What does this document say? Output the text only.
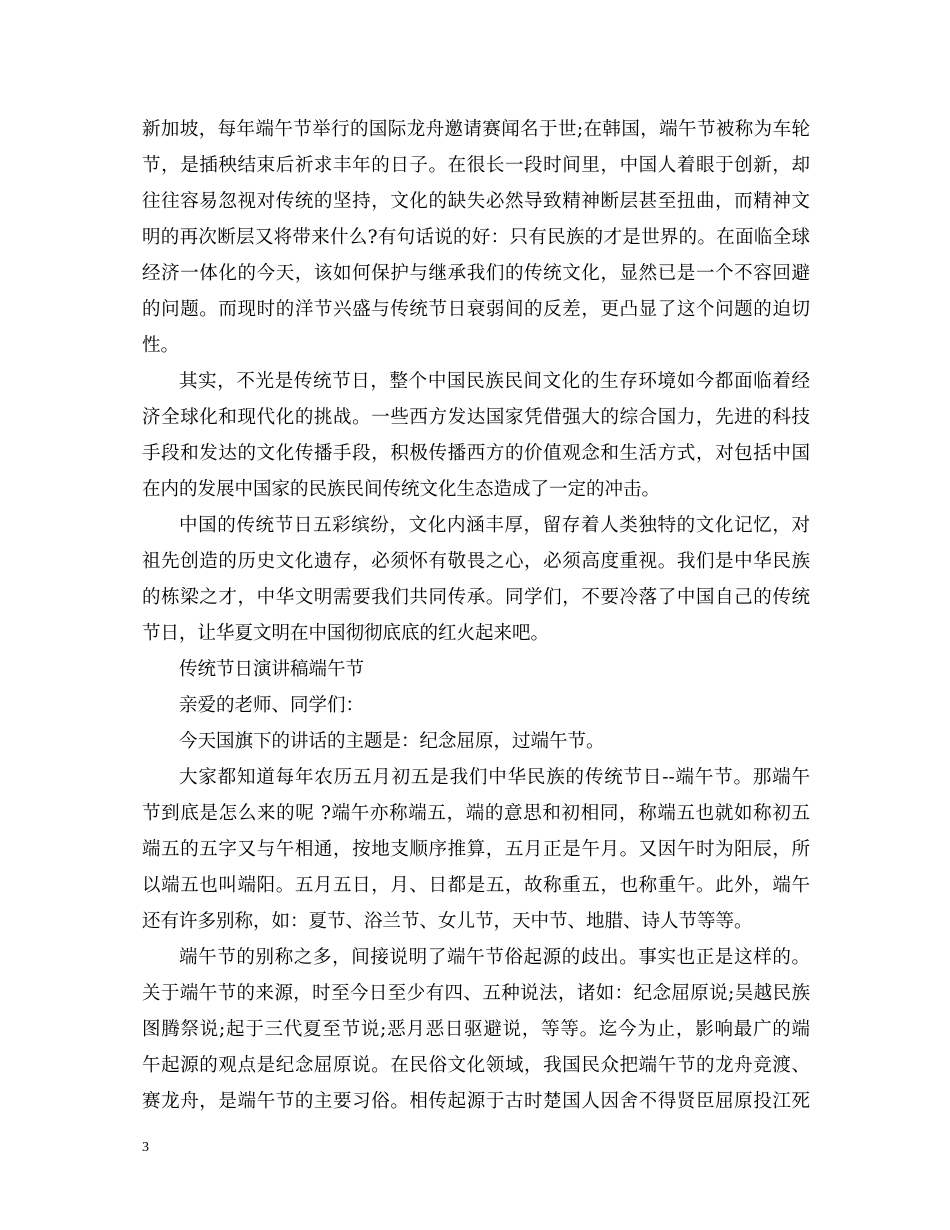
新加坡，每年端午节举行的国际龙舟邀请赛闻名于世;在韩国，端午节被称为车轮
节，是插秧结束后祈求丰年的日子。在很长一段时间里，中国人着眼于创新，却
往往容易忽视对传统的坚持，文化的缺失必然导致精神断层甚至扭曲，而精神文
明的再次断层又将带来什么?有句话说的好：只有民族的才是世界的。在面临全球
经济一体化的今天，该如何保护与继承我们的传统文化，显然已是一个不容回避
的问题。而现时的洋节兴盛与传统节日衰弱间的反差，更凸显了这个问题的迫切
性。
其实，不光是传统节日，整个中国民族民间文化的生存环境如今都面临着经
济全球化和现代化的挑战。一些西方发达国家凭借强大的综合国力，先进的科技
手段和发达的文化传播手段，积极传播西方的价值观念和生活方式，对包括中国
在内的发展中国家的民族民间传统文化生态造成了一定的冲击。
中国的传统节日五彩缤纷，文化内涵丰厚，留存着人类独特的文化记忆，对
祖先创造的历史文化遗存，必须怀有敬畏之心，必须高度重视。我们是中华民族
的栋梁之才，中华文明需要我们共同传承。同学们，不要冷落了中国自己的传统
节日，让华夏文明在中国彻彻底底的红火起来吧。
传统节日演讲稿端午节
亲爱的老师、同学们：
今天国旗下的讲话的主题是：纪念屈原，过端午节。
大家都知道每年农历五月初五是我们中华民族的传统节日--端午节。那端午
节到底是怎么来的呢 ?端午亦称端五，端的意思和初相同，称端五也就如称初五
端五的五字又与午相通，按地支顺序推算，五月正是午月。又因午时为阳辰，所
以端五也叫端阳。五月五日，月、日都是五，故称重五，也称重午。此外，端午
还有许多别称，如：夏节、浴兰节、女儿节，天中节、地腊、诗人节等等。
端午节的别称之多，间接说明了端午节俗起源的歧出。事实也正是这样的。
关于端午节的来源，时至今日至少有四、五种说法，诸如：纪念屈原说;吴越民族
图腾祭说;起于三代夏至节说;恶月恶日驱避说，等等。迄今为止，影响最广的端
午起源的观点是纪念屈原说。在民俗文化领域，我国民众把端午节的龙舟竞渡、
赛龙舟，是端午节的主要习俗。相传起源于古时楚国人因舍不得贤臣屈原投江死
3
